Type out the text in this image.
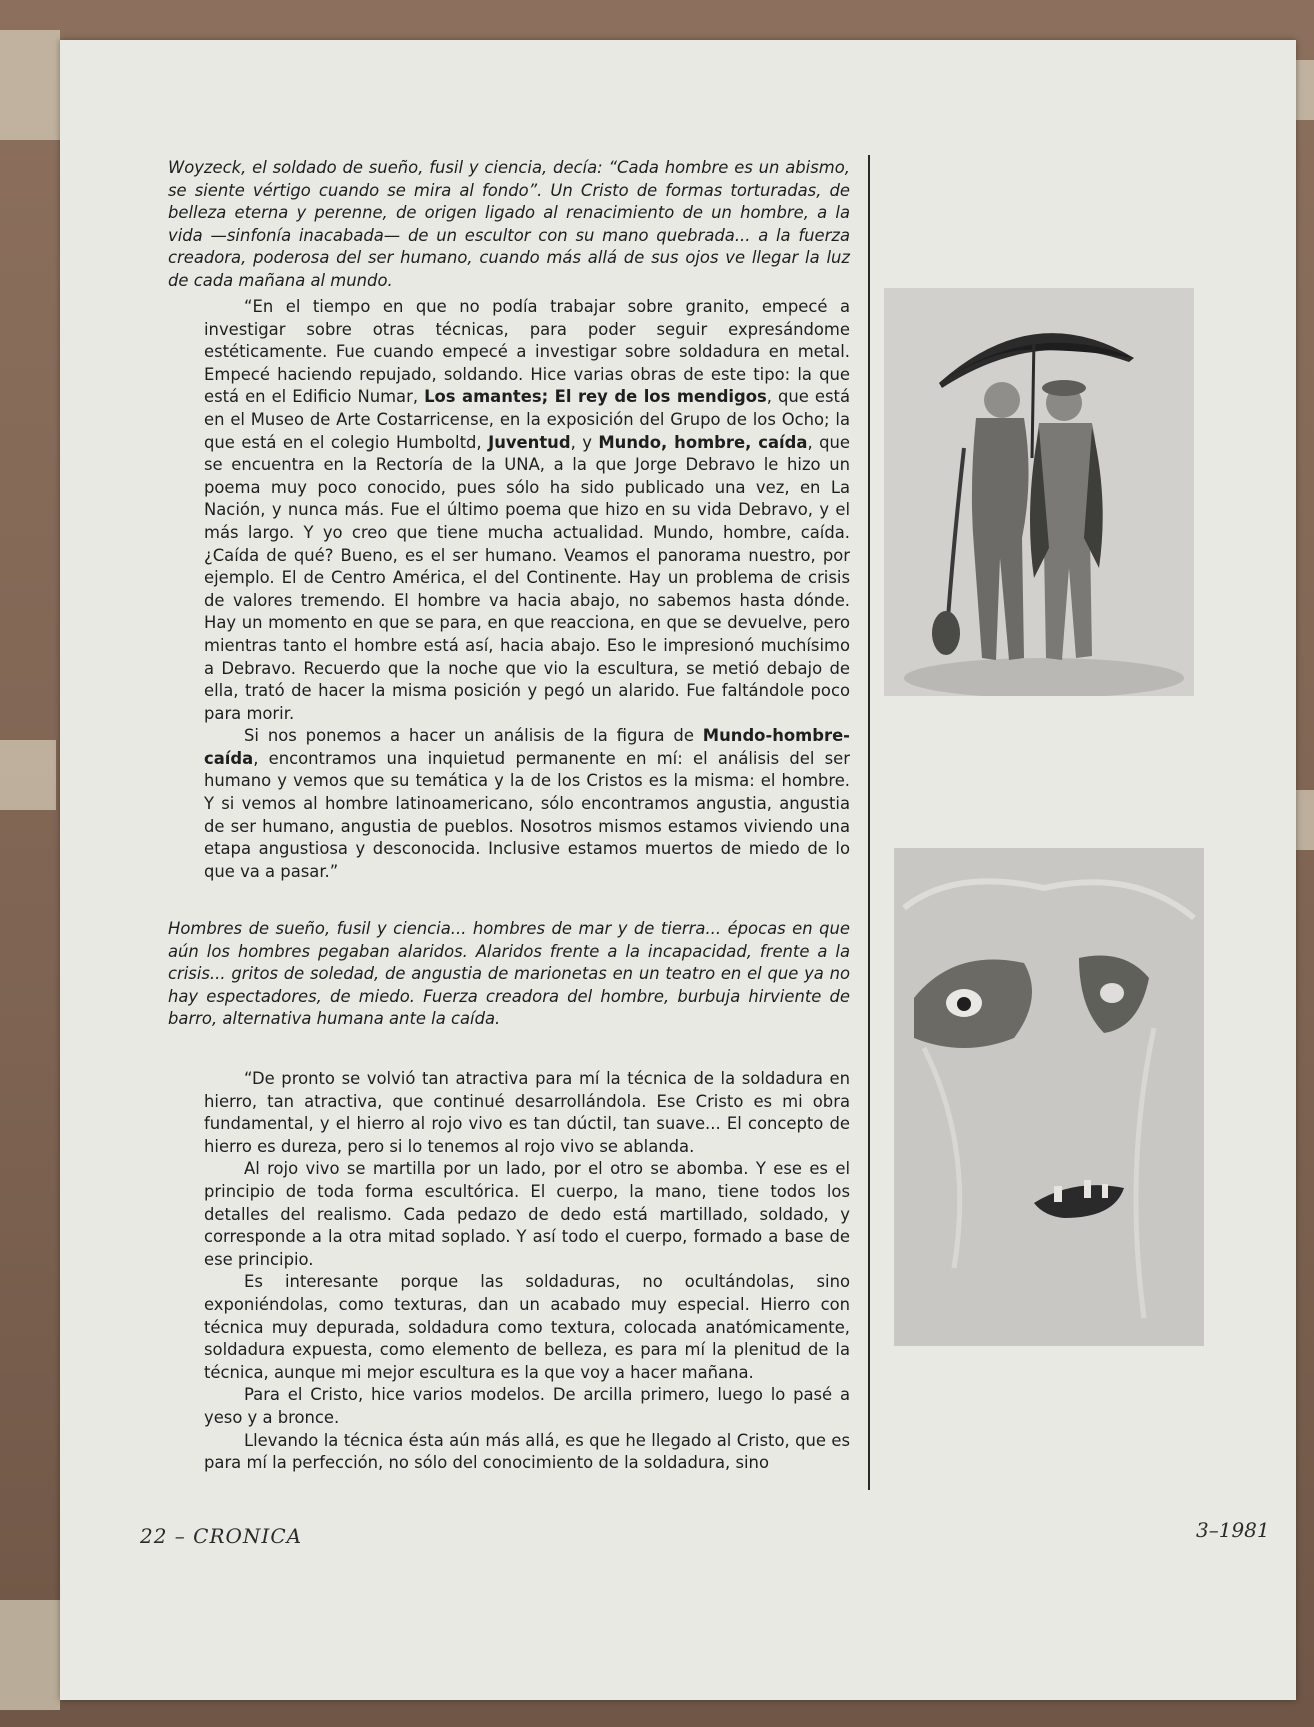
Woyzeck, el soldado de sueño, fusil y ciencia, decía: “Cada hombre es un abismo, se siente vértigo cuando se mira al fondo”. Un Cristo de formas torturadas, de belleza eterna y perenne, de origen ligado al renacimiento de un hombre, a la vida —sinfonía inacabada— de un escultor con su mano quebrada... a la fuerza creadora, poderosa del ser humano, cuando más allá de sus ojos ve llegar la luz de cada mañana al mundo.

“En el tiempo en que no podía trabajar sobre granito, empecé a investigar sobre otras técnicas, para poder seguir expresándome estéticamente. Fue cuando empecé a investigar sobre soldadura en metal. Empecé haciendo repujado, soldando. Hice varias obras de este tipo: la que está en el Edificio Numar, Los amantes; El rey de los mendigos, que está en el Museo de Arte Costarricense, en la exposición del Grupo de los Ocho; la que está en el colegio Humboltd, Juventud, y Mundo, hombre, caída, que se encuentra en la Rectoría de la UNA, a la que Jorge Debravo le hizo un poema muy poco conocido, pues sólo ha sido publicado una vez, en La Nación, y nunca más. Fue el último poema que hizo en su vida Debravo, y el más largo. Y yo creo que tiene mucha actualidad. Mundo, hombre, caída. ¿Caída de qué? Bueno, es el ser humano. Veamos el panorama nuestro, por ejemplo. El de Centro América, el del Continente. Hay un problema de crisis de valores tremendo. El hombre va hacia abajo, no sabemos hasta dónde. Hay un momento en que se para, en que reacciona, en que se devuelve, pero mientras tanto el hombre está así, hacia abajo. Eso le impresionó muchísimo a Debravo. Recuerdo que la noche que vio la escultura, se metió debajo de ella, trató de hacer la misma posición y pegó un alarido. Fue faltándole poco para morir.

Si nos ponemos a hacer un análisis de la figura de Mundo-hombre-caída, encontramos una inquietud permanente en mí: el análisis del ser humano y vemos que su temática y la de los Cristos es la misma: el hombre. Y si vemos al hombre latinoamericano, sólo encontramos angustia, angustia de ser humano, angustia de pueblos. Nosotros mismos estamos viviendo una etapa angustiosa y desconocida. Inclusive estamos muertos de miedo de lo que va a pasar.”

Hombres de sueño, fusil y ciencia... hombres de mar y de tierra... épocas en que aún los hombres pegaban alaridos. Alaridos frente a la incapacidad, frente a la crisis... gritos de soledad, de angustia de marionetas en un teatro en el que ya no hay espectadores, de miedo. Fuerza creadora del hombre, burbuja hirviente de barro, alternativa humana ante la caída.

“De pronto se volvió tan atractiva para mí la técnica de la soldadura en hierro, tan atractiva, que continué desarrollándola. Ese Cristo es mi obra fundamental, y el hierro al rojo vivo es tan dúctil, tan suave... El concepto de hierro es dureza, pero si lo tenemos al rojo vivo se ablanda.

Al rojo vivo se martilla por un lado, por el otro se abomba. Y ese es el principio de toda forma escultórica. El cuerpo, la mano, tiene todos los detalles del realismo. Cada pedazo de dedo está martillado, soldado, y corresponde a la otra mitad soplado. Y así todo el cuerpo, formado a base de ese principio.

Es interesante porque las soldaduras, no ocultándolas, sino exponiéndolas, como texturas, dan un acabado muy especial. Hierro con técnica muy depurada, soldadura como textura, colocada anatómicamente, soldadura expuesta, como elemento de belleza, es para mí la plenitud de la técnica, aunque mi mejor escultura es la que voy a hacer mañana.

Para el Cristo, hice varios modelos. De arcilla primero, luego lo pasé a yeso y a bronce.

Llevando la técnica ésta aún más allá, es que he llegado al Cristo, que es para mí la perfección, no sólo del conocimiento de la soldadura, sino

22 – CRONICA	3–1981
